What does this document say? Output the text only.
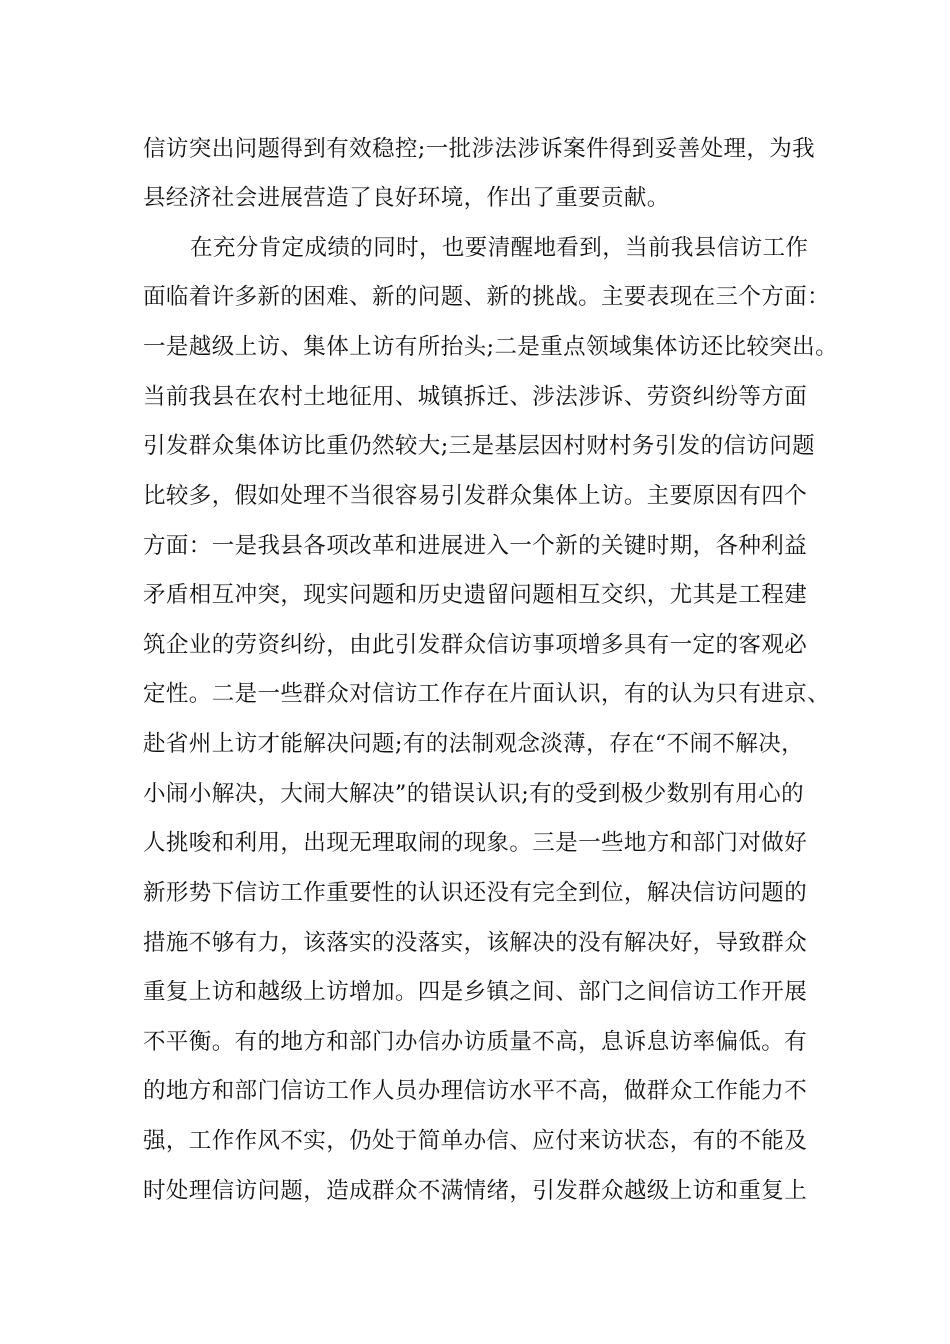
信访突出问题得到有效稳控;一批涉法涉诉案件得到妥善处理，为我
县经济社会进展营造了良好环境，作出了重要贡献。
在充分肯定成绩的同时，也要清醒地看到，当前我县信访工作
面临着许多新的困难、新的问题、新的挑战。主要表现在三个方面：
一是越级上访、集体上访有所抬头;二是重点领域集体访还比较突出。
当前我县在农村土地征用、城镇拆迁、涉法涉诉、劳资纠纷等方面
引发群众集体访比重仍然较大;三是基层因村财村务引发的信访问题
比较多，假如处理不当很容易引发群众集体上访。主要原因有四个
方面：一是我县各项改革和进展进入一个新的关键时期，各种利益
矛盾相互冲突，现实问题和历史遗留问题相互交织，尤其是工程建
筑企业的劳资纠纷，由此引发群众信访事项增多具有一定的客观必
定性。二是一些群众对信访工作存在片面认识，有的认为只有进京、
赴省州上访才能解决问题;有的法制观念淡薄，存在“不闹不解决，
小闹小解决，大闹大解决”的错误认识;有的受到极少数别有用心的
人挑唆和利用，出现无理取闹的现象。三是一些地方和部门对做好
新形势下信访工作重要性的认识还没有完全到位，解决信访问题的
措施不够有力，该落实的没落实，该解决的没有解决好，导致群众
重复上访和越级上访增加。四是乡镇之间、部门之间信访工作开展
不平衡。有的地方和部门办信办访质量不高，息诉息访率偏低。有
的地方和部门信访工作人员办理信访水平不高，做群众工作能力不
强，工作作风不实，仍处于简单办信、应付来访状态，有的不能及
时处理信访问题，造成群众不满情绪，引发群众越级上访和重复上
